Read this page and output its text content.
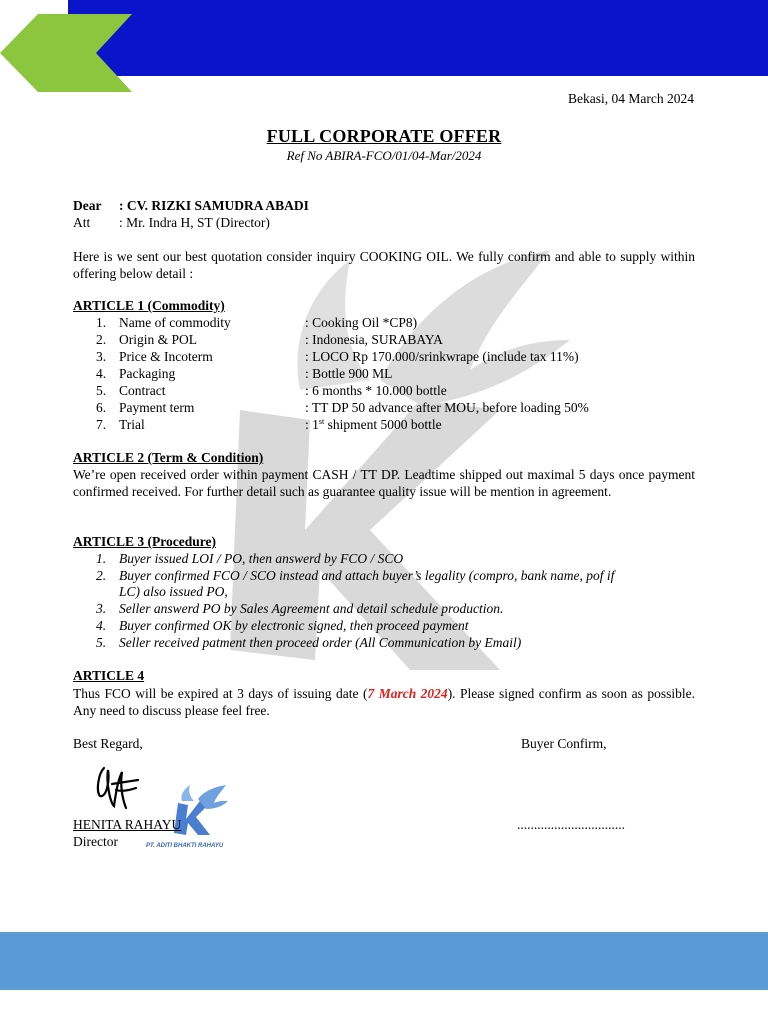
Bekasi, 04 March 2024
FULL CORPORATE OFFER
Ref No ABIRA-FCO/01/04-Mar/2024
Dear : CV. RIZKI SAMUDRA ABADI
Att : Mr. Indra H, ST (Director)
Here is we sent our best quotation consider inquiry COOKING OIL. We fully confirm and able to supply within offering below detail :
ARTICLE 1 (Commodity)
1. Name of commodity	: Cooking Oil *CP8)
2. Origin & POL	: Indonesia, SURABAYA
3. Price & Incoterm	: LOCO Rp 170.000/srinkwrape (include tax 11%)
4. Packaging	: Bottle 900 ML
5. Contract	: 6 months * 10.000 bottle
6. Payment term	: TT DP 50 advance after MOU, before loading 50%
7. Trial	: 1st shipment 5000 bottle
ARTICLE 2 (Term & Condition)
We’re open received order within payment CASH / TT DP. Leadtime shipped out maximal 5 days once payment confirmed received. For further detail such as guarantee quality issue will be mention in agreement.
ARTICLE 3 (Procedure)
1. Buyer issued LOI / PO, then answerd by FCO / SCO
2. Buyer confirmed FCO / SCO instead and attach buyer’s legality (compro, bank name, pof if
LC) also issued PO,
3. Seller answerd PO by Sales Agreement and detail schedule production.
4. Buyer confirmed OK by electronic signed, then proceed payment
5. Seller received patment then proceed order (All Communication by Email)
ARTICLE 4
Thus FCO will be expired at 3 days of issuing date (7 March 2024). Please signed confirm as soon as possible. Any need to discuss please feel free.
Best Regard,	Buyer Confirm,
PT. ADITI BHAKTI RAHAYU
HENITA RAHAYU
Director
................................
